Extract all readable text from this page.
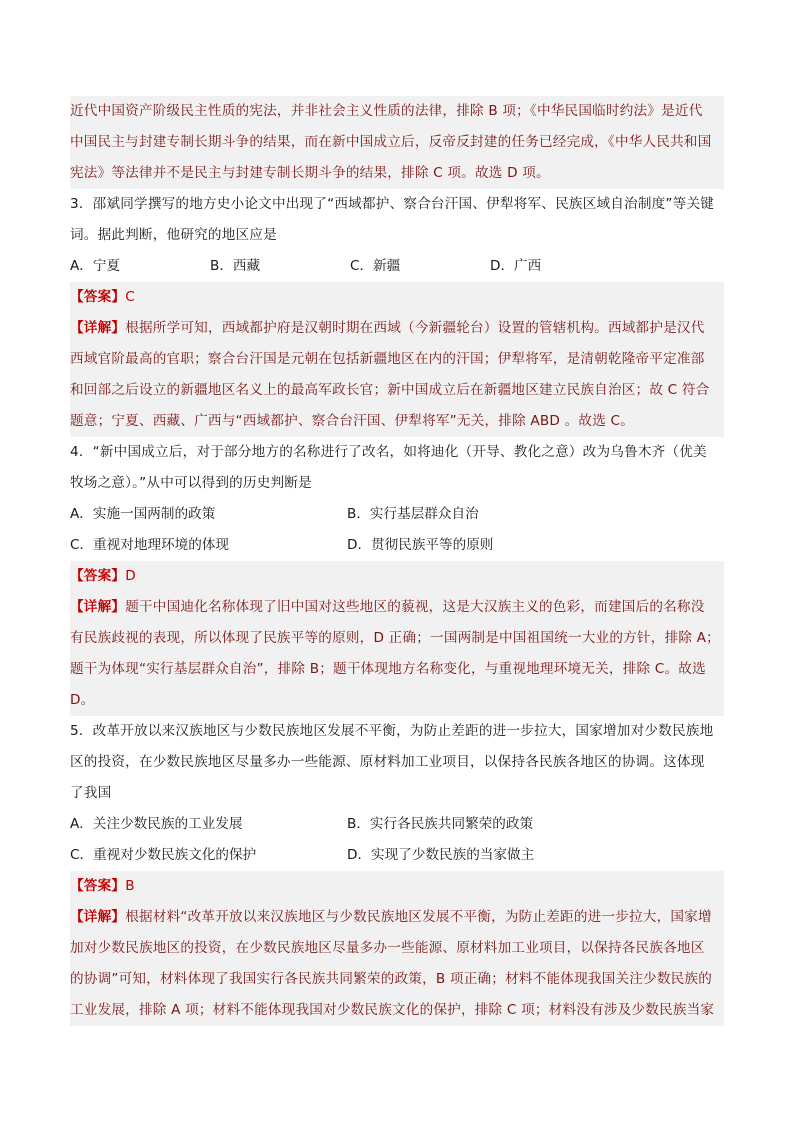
近代中国资产阶级民主性质的宪法，并非社会主义性质的法律，排除 B 项；《中华民国临时约法》是近代
中国民主与封建专制长期斗争的结果，而在新中国成立后，反帝反封建的任务已经完成，《中华人民共和国
宪法》等法律并不是民主与封建专制长期斗争的结果，排除 C 项。故选 D 项。
3．邵斌同学撰写的地方史小论文中出现了“西域都护、察合台汗国、伊犁将军、民族区域自治制度”等关键
词。据此判断，他研究的地区应是
A．宁夏	B．西藏	C．新疆	D．广西
【答案】C
【详解】根据所学可知，西域都护府是汉朝时期在西域（今新疆轮台）设置的管辖机构。西域都护是汉代
西域官阶最高的官职；察合台汗国是元朝在包括新疆地区在内的汗国；伊犁将军，是清朝乾隆帝平定准部
和回部之后设立的新疆地区名义上的最高军政长官；新中国成立后在新疆地区建立民族自治区；故 C 符合
题意；宁夏、西藏、广西与“西域都护、察合台汗国、伊犁将军”无关，排除 ABD 。故选 C。
4．“新中国成立后，对于部分地方的名称进行了改名，如将迪化（开导、教化之意）改为乌鲁木齐（优美
牧场之意）。”从中可以得到的历史判断是
A．实施一国两制的政策	B．实行基层群众自治
C．重视对地理环境的体现	D．贯彻民族平等的原则
【答案】D
【详解】题干中国迪化名称体现了旧中国对这些地区的藐视，这是大汉族主义的色彩，而建国后的名称没
有民族歧视的表现，所以体现了民族平等的原则，D 正确；一国两制是中国祖国统一大业的方针，排除 A；
题干为体现“实行基层群众自治”，排除 B；题干体现地方名称变化，与重视地理环境无关，排除 C。故选
D。
5．改革开放以来汉族地区与少数民族地区发展不平衡，为防止差距的进一步拉大，国家增加对少数民族地
区的投资，在少数民族地区尽量多办一些能源、原材料加工业项目，以保持各民族各地区的协调。这体现
了我国
A．关注少数民族的工业发展	B．实行各民族共同繁荣的政策
C．重视对少数民族文化的保护	D．实现了少数民族的当家做主
【答案】B
【详解】根据材料“改革开放以来汉族地区与少数民族地区发展不平衡，为防止差距的进一步拉大，国家增
加对少数民族地区的投资，在少数民族地区尽量多办一些能源、原材料加工业项目，以保持各民族各地区
的协调”可知，材料体现了我国实行各民族共同繁荣的政策，B 项正确；材料不能体现我国关注少数民族的
工业发展，排除 A 项；材料不能体现我国对少数民族文化的保护，排除 C 项；材料没有涉及少数民族当家
